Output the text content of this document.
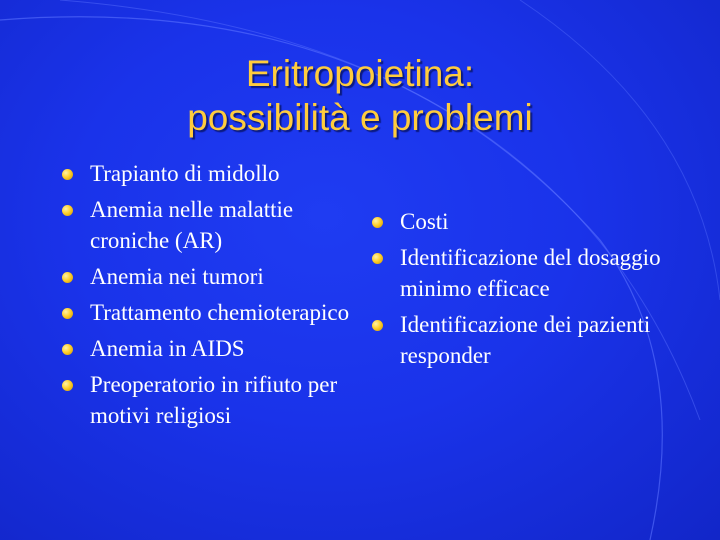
Eritropoietina:
possibilità e problemi
Trapianto di midollo
Anemia nelle malattie croniche (AR)
Anemia nei tumori
Trattamento chemioterapico
Anemia in AIDS
Preoperatorio in rifiuto per motivi religiosi
Costi
Identificazione del dosaggio minimo efficace
Identificazione dei pazienti responder
